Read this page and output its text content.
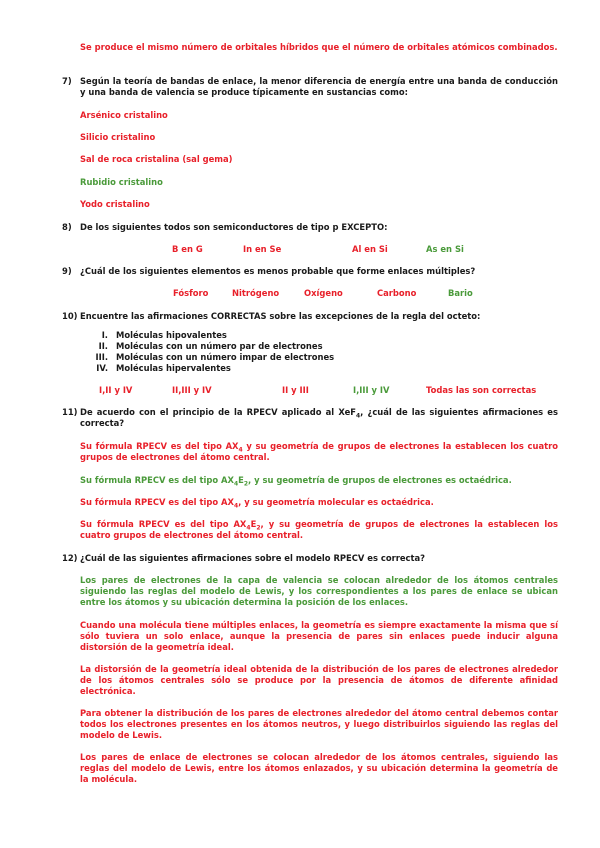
Se produce el mismo número de orbitales híbridos que el número de orbitales atómicos combinados.
7) Según la teoría de bandas de enlace, la menor diferencia de energía entre una banda de conducción y una banda de valencia se produce típicamente en sustancias como:
Arsénico cristalino
Silicio cristalino
Sal de roca cristalina (sal gema)
Rubidio cristalino
Yodo cristalino
8) De los siguientes todos son semiconductores de tipo p EXCEPTO:
B en G	In en Se	Al en Si	As en Si
9) ¿Cuál de los siguientes elementos es menos probable que forme enlaces múltiples?
Fósforo	Nitrógeno	Oxígeno	Carbono	Bario
10) Encuentre las afirmaciones CORRECTAS sobre las excepciones de la regla del octeto:
I. Moléculas hipovalentes
II. Moléculas con un número par de electrones
III. Moléculas con un número impar de electrones
IV. Moléculas hipervalentes
I,II y IV	II,III y IV	II y III	I,III y IV	Todas las son correctas
11) De acuerdo con el principio de la RPECV aplicado al XeF$_4$, ¿cuál de las siguientes afirmaciones es correcta?
Su fórmula RPECV es del tipo $AX_4$ y su geometría de grupos de electrones la establecen los cuatro grupos de electrones del átomo central.
Su fórmula RPECV es del tipo $AX_4E_2$, y su geometría de grupos de electrones es octaédrica.
Su fórmula RPECV es del tipo $AX_4$, y su geometría molecular es octaédrica.
Su fórmula RPECV es del tipo $AX_4E_2$, y su geometría de grupos de electrones la establecen los cuatro grupos de electrones del átomo central.
12) ¿Cuál de las siguientes afirmaciones sobre el modelo RPECV es correcta?
Los pares de electrones de la capa de valencia se colocan alrededor de los átomos centrales siguiendo las reglas del modelo de Lewis, y los correspondientes a los pares de enlace se ubican entre los átomos y su ubicación determina la posición de los enlaces.
Cuando una molécula tiene múltiples enlaces, la geometría es siempre exactamente la misma que sí sólo tuviera un solo enlace, aunque la presencia de pares sin enlaces puede inducir alguna distorsión de la geometría ideal.
La distorsión de la geometría ideal obtenida de la distribución de los pares de electrones alrededor de los átomos centrales sólo se produce por la presencia de átomos de diferente afinidad electrónica.
Para obtener la distribución de los pares de electrones alrededor del átomo central debemos contar todos los electrones presentes en los átomos neutros, y luego distribuirlos siguiendo las reglas del modelo de Lewis.
Los pares de enlace de electrones se colocan alrededor de los átomos centrales, siguiendo las reglas del modelo de Lewis, entre los átomos enlazados, y su ubicación determina la geometría de la molécula.
